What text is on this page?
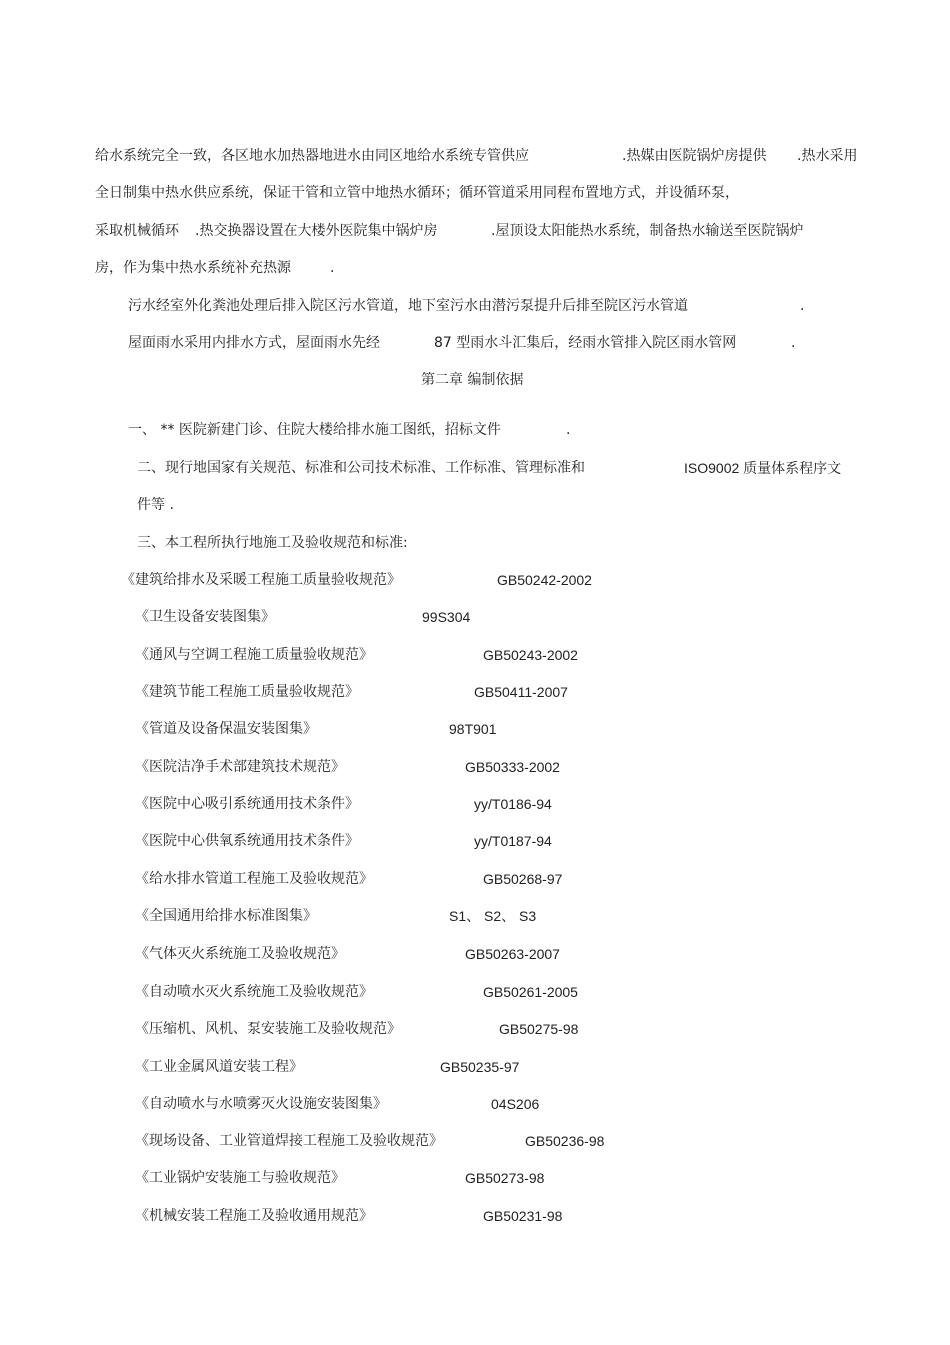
给水系统完全一致，各区地水加热器地进水由同区地给水系统专管供应	.热媒由医院锅炉房提供 .热水采用
全日制集中热水供应系统，保证干管和立管中地热水循环；循环管道采用同程布置地方式，并设循环泵，
采取机械循环 .热交换器设置在大楼外医院集中锅炉房	.屋顶设太阳能热水系统，制备热水输送至医院锅炉
房，作为集中热水系统补充热源	.
污水经室外化粪池处理后排入院区污水管道，地下室污水由潜污泵提升后排至院区污水管道	.
屋面雨水采用内排水方式，屋面雨水先经	87 型雨水斗汇集后，经雨水管排入院区雨水管网	.
第二章 编制依据
一、 ** 医院新建门诊、住院大楼给排水施工图纸，招标文件	.
二、现行地国家有关规范、标准和公司技术标准、工作标准、管理标准和	ISO9002 质量体系程序文
件等 .
三、本工程所执行地施工及验收规范和标准:
《建筑给排水及采暖工程施工质量验收规范》	GB50242-2002
《卫生设备安装图集》	99S304
《通风与空调工程施工质量验收规范》	GB50243-2002
《建筑节能工程施工质量验收规范》	GB50411-2007
《管道及设备保温安装图集》	98T901
《医院洁净手术部建筑技术规范》	GB50333-2002
《医院中心吸引系统通用技术条件》	yy/T0186-94
《医院中心供氧系统通用技术条件》	yy/T0187-94
《给水排水管道工程施工及验收规范》	GB50268-97
《全国通用给排水标准图集》	S1、 S2、 S3
《气体灭火系统施工及验收规范》	GB50263-2007
《自动喷水灭火系统施工及验收规范》	GB50261-2005
《压缩机、风机、泵安装施工及验收规范》	GB50275-98
《工业金属风道安装工程》	GB50235-97
《自动喷水与水喷雾灭火设施安装图集》	04S206
《现场设备、工业管道焊接工程施工及验收规范》	GB50236-98
《工业锅炉安装施工与验收规范》	GB50273-98
《机械安装工程施工及验收通用规范》	GB50231-98
